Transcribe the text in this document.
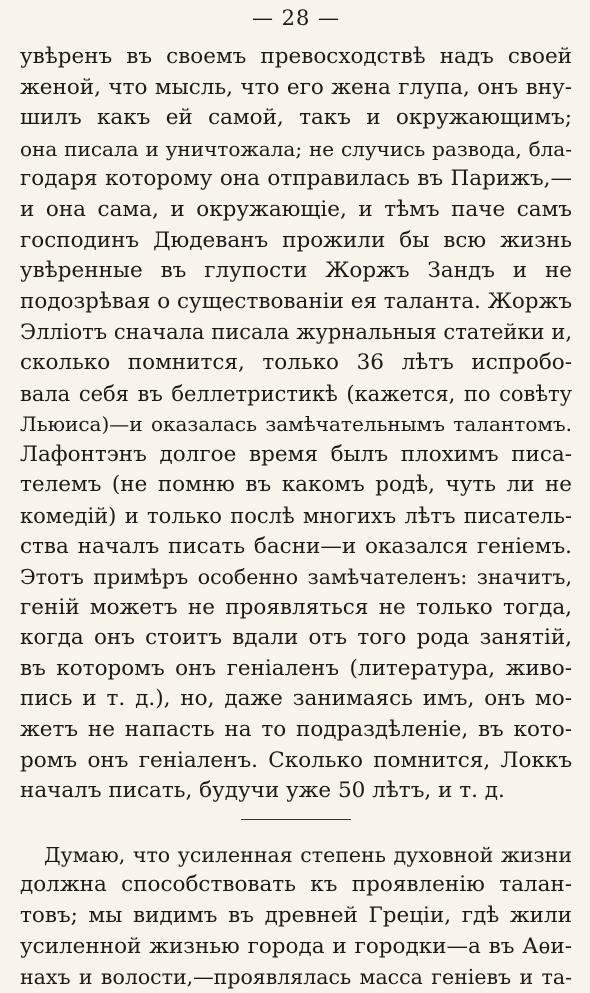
— 28 —
увѣренъ въ своемъ превосходствѣ надъ своей
женой, что мысль, что его жена глупа, онъ вну-
шилъ какъ ей самой, такъ и окружающимъ;
она писала и уничтожала; не случись развода, бла-
годаря которому она отправилась въ Парижъ,—
и она сама, и окружающіе, и тѣмъ паче самъ
господинъ Дюдеванъ прожили бы всю жизнь
увѣренные въ глупости Жоржъ Зандъ и не
подозрѣвая о существованіи ея таланта. Жоржъ
Эллiотъ сначала писала журнальныя статейки и,
сколько помнится, только 36 лѣтъ испробо-
вала себя въ беллетристикѣ (кажется, по совѣту
Льюиса)—и оказалась замѣчательнымъ талантомъ.
Лафонтэнъ долгое время былъ плохимъ писа-
телемъ (не помню въ какомъ родѣ, чуть ли не
комедій) и только послѣ многихъ лѣтъ писатель-
ства началъ писать басни—и оказался геніемъ.
Этотъ примѣръ особенно замѣчателенъ: значитъ,
геній можетъ не проявляться не только тогда,
когда онъ стоитъ вдали отъ того рода занятій,
въ которомъ онъ геніаленъ (литература, живо-
пись и т. д.), но, даже занимаясь имъ, онъ мо-
жетъ не напасть на то подраздѣленіе, въ кото-
ромъ онъ геніаленъ. Сколько помнится, Локкъ
началъ писать, будучи уже 50 лѣтъ, и т. д.
Думаю, что усиленная степень духовной жизни
должна способствовать къ проявленію талан-
товъ; мы видимъ въ древней Греціи, гдѣ жили
усиленной жизнью города и городки—а въ Аѳи-
нахъ и волости,—проявлялась масса геніевъ и та-
